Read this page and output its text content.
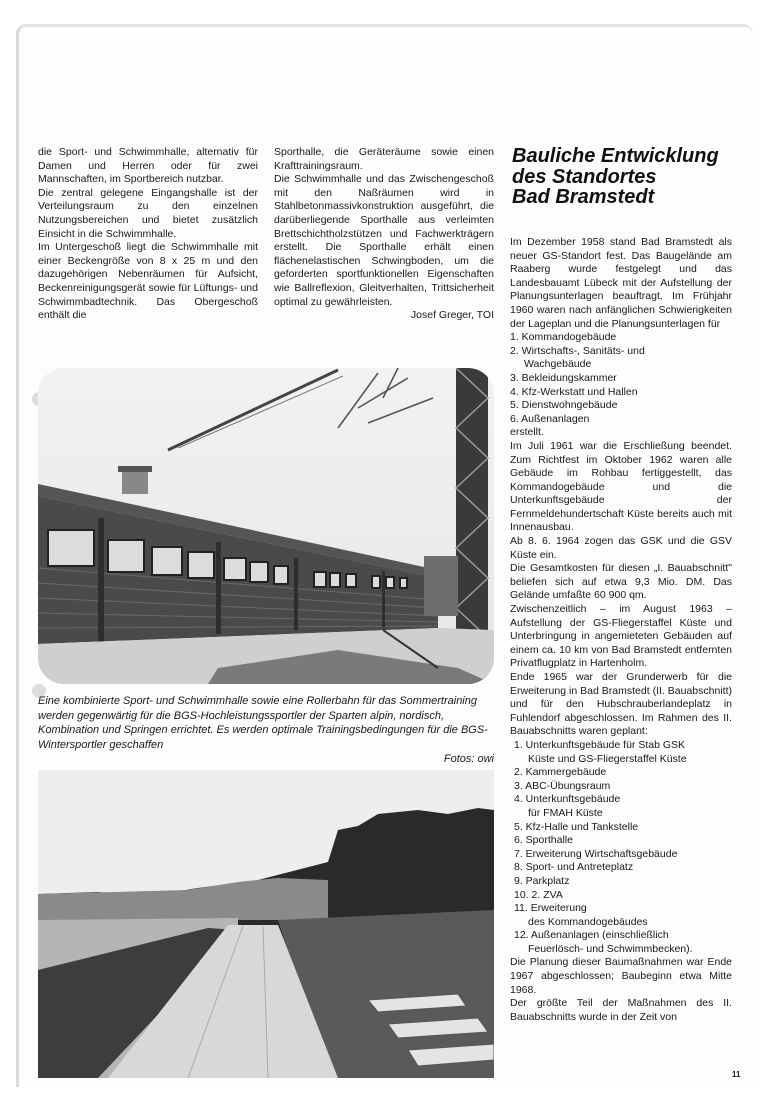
die Sport- und Schwimmhalle, alternativ für Damen und Herren oder für zwei Mannschaften, im Sportbereich nutzbar.

Die zentral gelegene Eingangshalle ist der Verteilungsraum zu den einzelnen Nutzungsbereichen und bietet zusätzlich Einsicht in die Schwimmhalle.

Im Untergeschoß liegt die Schwimmhalle mit einer Beckengröße von 8 x 25 m und den dazugehörigen Nebenräumen für Aufsicht, Beckenreinigungsgerät sowie für Lüftungs- und Schwimmbadtechnik. Das Obergeschoß enthält die

Sporthalle, die Geräteräume sowie einen Krafttrainingsraum.

Die Schwimmhalle und das Zwischengeschoß mit den Naßräumen wird in Stahlbetonmassivkonstruktion ausgeführt, die darüberliegende Sporthalle aus verleimten Brettschichtholzstützen und Fachwerkträgern erstellt. Die Sporthalle erhält einen flächenelastischen Schwingboden, um die geforderten sportfunktionellen Eigenschaften wie Ballreflexion, Gleitverhalten, Trittsicherheit optimal zu gewährleisten.

Josef Greger, TOI

Bauliche Entwicklung
des Standortes
Bad Bramstedt

Im Dezember 1958 stand Bad Bramstedt als neuer GS-Standort fest. Das Baugelände am Raaberg wurde festgelegt und das Landesbauamt Lübeck mit der Aufstellung der Planungsunterlagen beauftragt. Im Frühjahr 1960 waren nach anfänglichen Schwierigkeiten der Lageplan und die Planungsunterlagen für

1. Kommandogebäude
2. Wirtschafts-, Sanitäts- und
Wachgebäude
3. Bekleidungskammer
4. Kfz-Werkstatt und Hallen
5. Dienstwohngebäude
6. Außenanlagen

erstellt.

Im Juli 1961 war die Erschließung beendet. Zum Richtfest im Oktober 1962 waren alle Gebäude im Rohbau fertiggestellt, das Kommandogebäude und die Unterkunftsgebäude der Fernmeldehundertschaft Küste bereits auch mit Innenausbau.

Ab 8. 6. 1964 zogen das GSK und die GSV Küste ein.

Die Gesamtkosten für diesen „I. Bauabschnitt" beliefen sich auf etwa 9,3 Mio. DM. Das Gelände umfaßte 60 900 qm.

Zwischenzeitlich – im August 1963 – Aufstellung der GS-Fliegerstaffel Küste und Unterbringung in angemieteten Gebäuden auf einem ca. 10 km von Bad Bramstedt entfernten Privatflugplatz in Hartenholm.

Ende 1965 war der Grunderwerb für die Erweiterung in Bad Bramstedt (II. Bauabschnitt) und für den Hubschrauberlandeplatz in Fuhlendorf abgeschlossen. Im Rahmen des II. Bauabschnitts waren geplant:

1. Unterkunftsgebäude für Stab GSK
Küste und GS-Fliegerstaffel Küste
2. Kammergebäude
3. ABC-Übungsraum
4. Unterkunftsgebäude
für FMAH Küste
5. Kfz-Halle und Tankstelle
6. Sporthalle
7. Erweiterung Wirtschaftsgebäude
8. Sport- und Antreteplatz
9. Parkplatz
10. 2. ZVA
11. Erweiterung
des Kommandogebäudes
12. Außenanlagen (einschließlich
Feuerlösch- und Schwimmbecken).

Die Planung dieser Baumaßnahmen war Ende 1967 abgeschlossen; Baubeginn etwa Mitte 1968.

Der größte Teil der Maßnahmen des II. Bauabschnitts wurde in der Zeit von

Eine kombinierte Sport- und Schwimmhalle sowie eine Rollerbahn für das Sommertraining werden gegenwärtig für die BGS-Hochleistungssportler der Sparten alpin, nordisch, Kombination und Springen errichtet. Es werden optimale Trainingsbedingungen für die BGS-Wintersportler geschaffen
Fotos: owi
11
